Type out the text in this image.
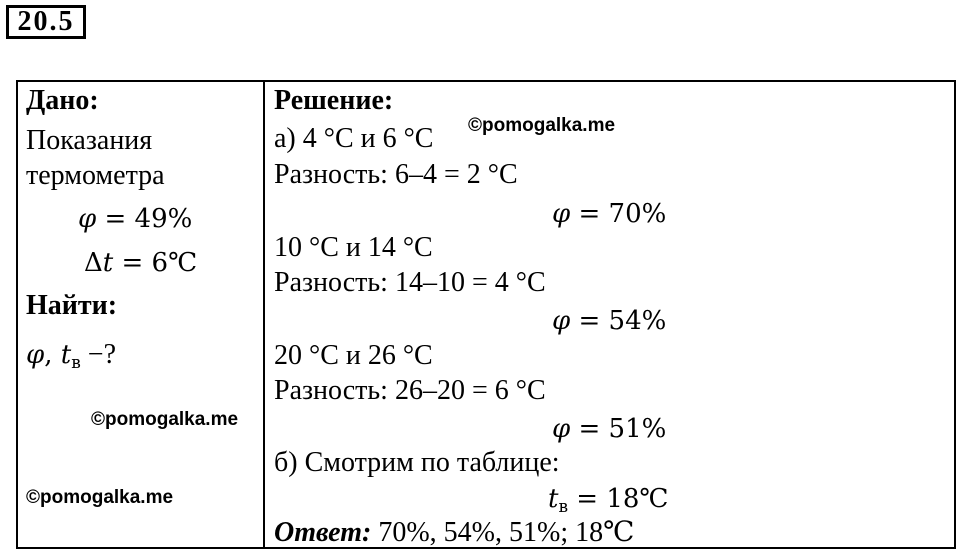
20.5
Дано:
Показания
термометра
φ = 49%
Δt = 6℃
Найти:
φ, $t_в$ −?
©pomogalka.me
©pomogalka.me
Решение:
©pomogalka.me
а) 4 °С и 6 °С
Разность: 6–4 = 2 °С
φ = 70%
10 °С и 14 °С
Разность: 14–10 = 4 °С
φ = 54%
20 °С и 26 °С
Разность: 26–20 = 6 °С
φ = 51%
б) Смотрим по таблице:
$t_в$ = 18℃
Ответ: 70%, 54%, 51%; 18℃
